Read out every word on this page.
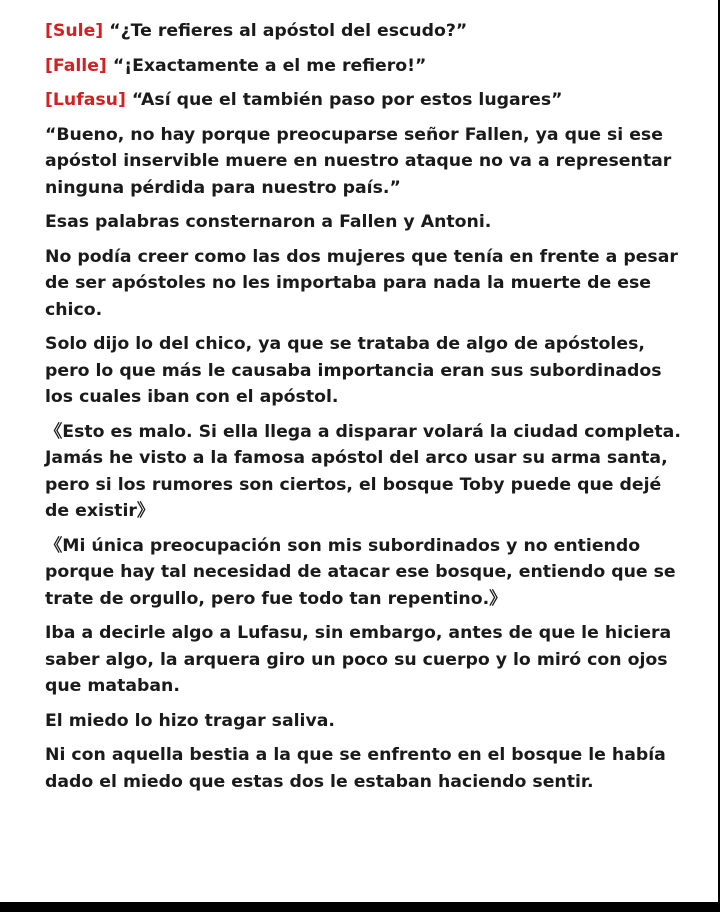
[Sule] “¿Te refieres al apóstol del escudo?”

[Falle] “¡Exactamente a el me refiero!”

[Lufasu] “Así que el también paso por estos lugares”

“Bueno, no hay porque preocuparse señor Fallen, ya que si ese apóstol inservible muere en nuestro ataque no va a representar ninguna pérdida para nuestro país.”

Esas palabras consternaron a Fallen y Antoni.

No podía creer como las dos mujeres que tenía en frente a pesar de ser apóstoles no les importaba para nada la muerte de ese chico.

Solo dijo lo del chico, ya que se trataba de algo de apóstoles, pero lo que más le causaba importancia eran sus subordinados los cuales iban con el apóstol.

《Esto es malo. Si ella llega a disparar volará la ciudad completa. Jamás he visto a la famosa apóstol del arco usar su arma santa, pero si los rumores son ciertos, el bosque Toby puede que dejé de existir》

《Mi única preocupación son mis subordinados y no entiendo porque hay tal necesidad de atacar ese bosque, entiendo que se trate de orgullo, pero fue todo tan repentino.》

Iba a decirle algo a Lufasu, sin embargo, antes de que le hiciera saber algo, la arquera giro un poco su cuerpo y lo miró con ojos que mataban.

El miedo lo hizo tragar saliva.

Ni con aquella bestia a la que se enfrento en el bosque le había dado el miedo que estas dos le estaban haciendo sentir.
